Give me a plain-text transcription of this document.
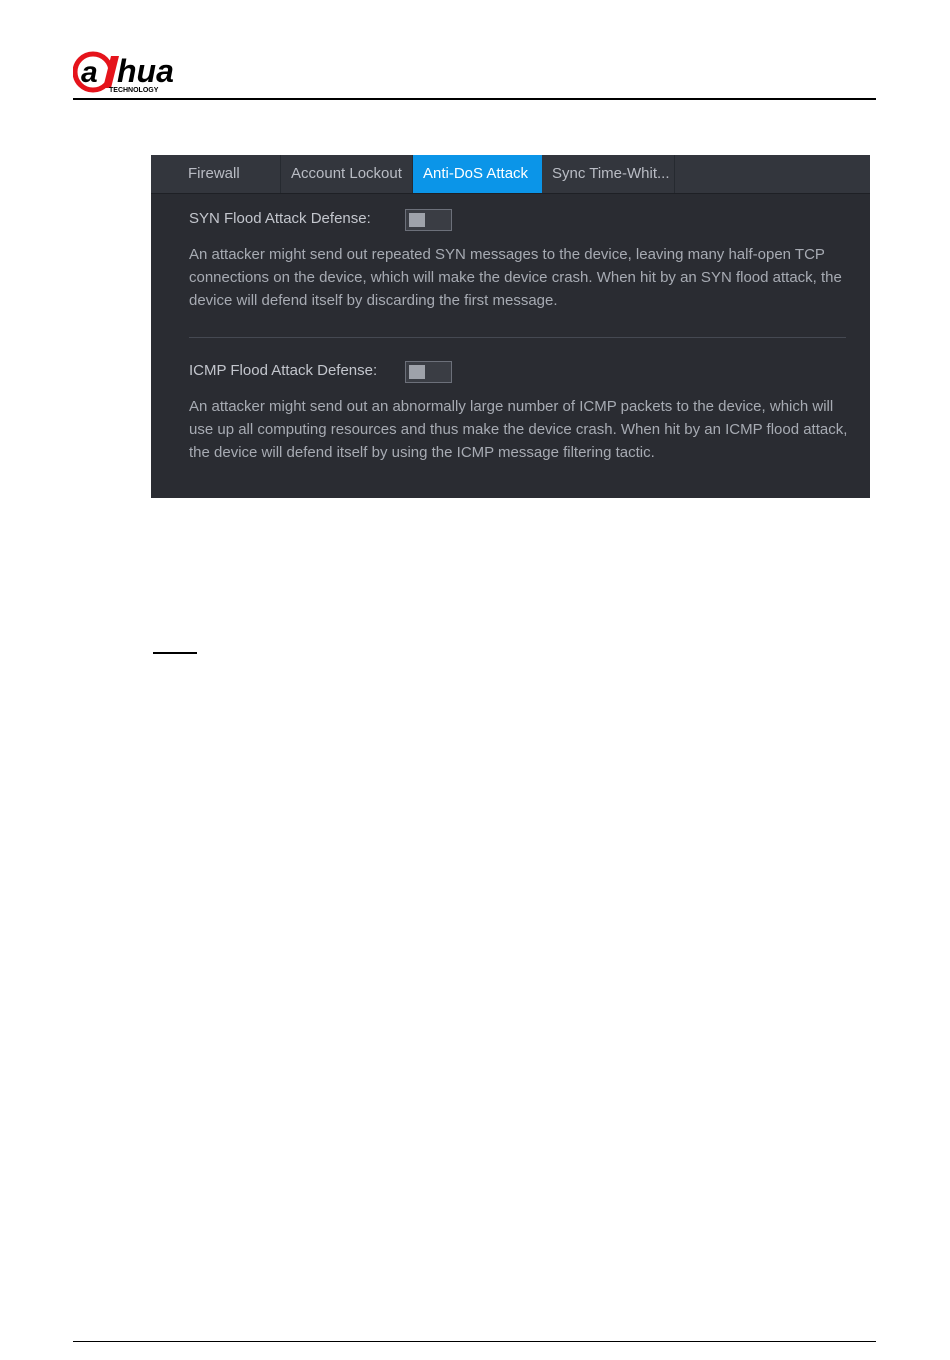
a hua
TECHNOLOGY
Firewall	Account Lockout	Anti-DoS Attack	Sync Time-Whit...
SYN Flood Attack Defense:
An attacker might send out repeated SYN messages to the device, leaving many half-open TCP connections on the device, which will make the device crash. When hit by an SYN flood attack, the device will defend itself by discarding the first message.
ICMP Flood Attack Defense:
An attacker might send out an abnormally large number of ICMP packets to the device, which will use up all computing resources and thus make the device crash. When hit by an ICMP flood attack, the device will defend itself by using the ICMP message filtering tactic.
